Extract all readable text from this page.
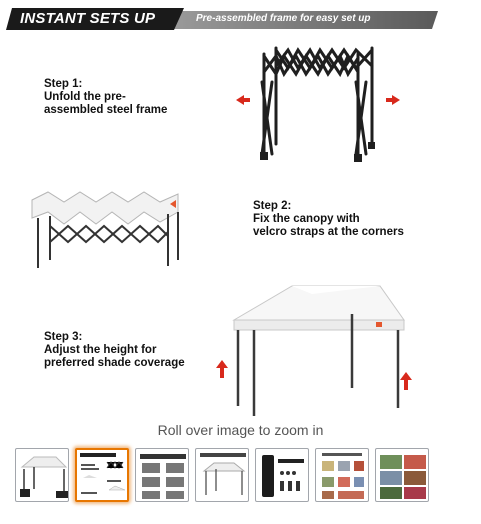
INSTANT SETS UP	Pre-assembled frame for easy set up
Step 1:
Unfold the pre-
assembled steel frame
Step 2:
Fix the canopy with
velcro straps at the corners
Step 3:
Adjust the height for
preferred shade coverage
Roll over image to zoom in
